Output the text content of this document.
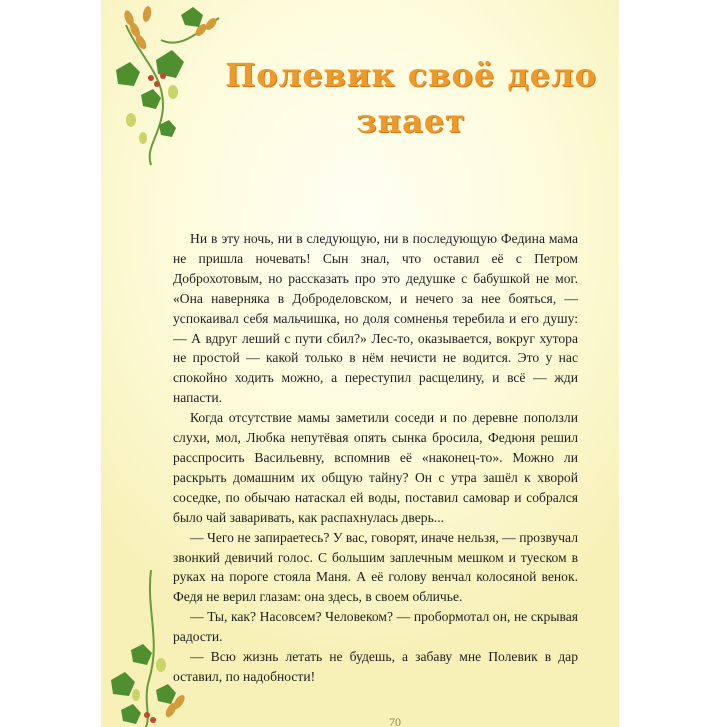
Полевик своё дело
знает

Ни в эту ночь, ни в следующую, ни в последующую Федина мама не пришла ночевать! Сын знал, что оставил её с Петром Доброхотовым, но рассказать про это дедушке с бабушкой не мог. «Она наверняка в Доброделовском, и нечего за нее бояться, — успокаивал себя мальчишка, но доля сомненья теребила и его душу: — А вдруг леший с пути сбил?» Лес-то, оказывается, вокруг хутора не простой — какой только в нём нечисти не водится. Это у нас спокойно ходить можно, а переступил расщелину, и всё — жди напасти.

Когда отсутствие мамы заметили соседи и по деревне поползли слухи, мол, Любка непутёвая опять сынка бросила, Федюня решил расспросить Васильевну, вспомнив её «наконец-то». Можно ли раскрыть домашним их общую тайну? Он с утра зашёл к хворой соседке, по обычаю натаскал ей воды, поставил самовар и собрался было чай заваривать, как распахнулась дверь...

— Чего не запираетесь? У вас, говорят, иначе нельзя, — прозвучал звонкий девичий голос. С большим заплечным мешком и туеском в руках на пороге стояла Маня. А её голову венчал колосяной венок. Федя не верил глазам: она здесь, в своем обличье.

— Ты, как? Насовсем? Человеком? — пробормотал он, не скрывая радости.

— Всю жизнь летать не будешь, а забаву мне Полевик в дар оставил, по надобности!

70
